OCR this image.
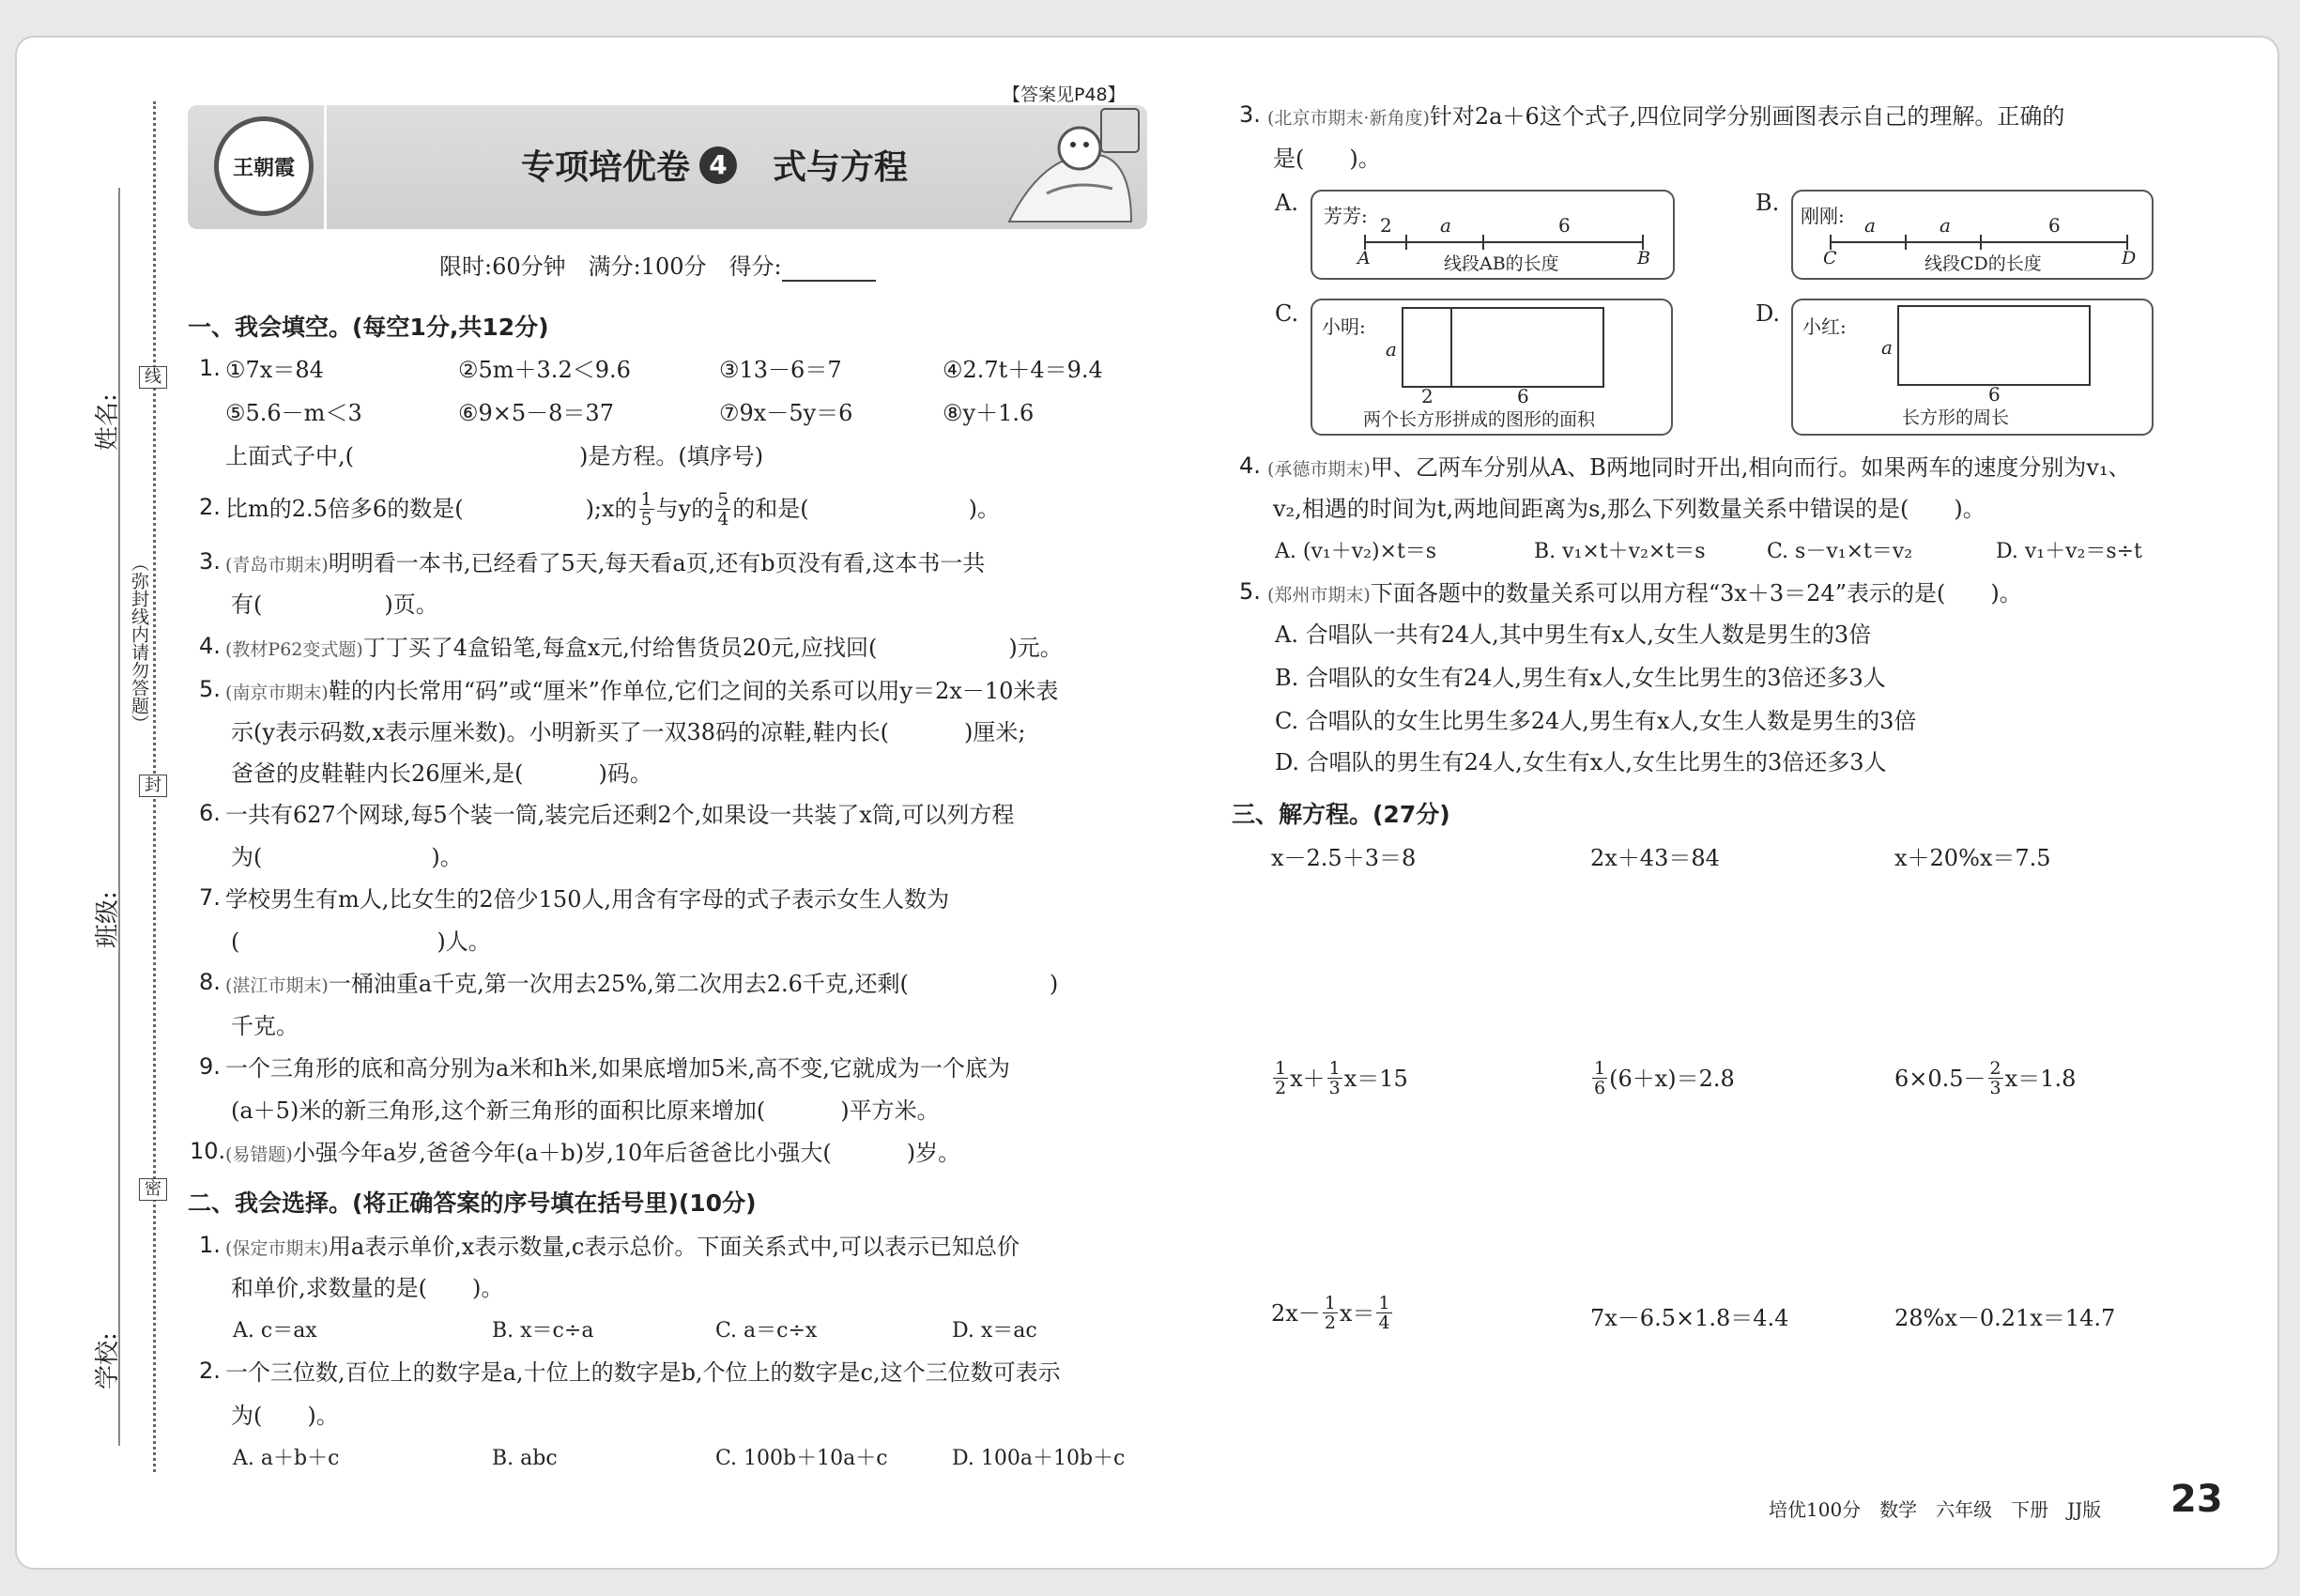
线
封
密
（弥封线内请勿答题）
姓名:
班级:
学校:
王朝霞
【答案见P48】
专项培优卷 4 式与方程
限时:60分钟　满分:100分　得分:
一、我会填空。(每空1分,共12分)
1. ①7x＝84	②5m＋3.2＜9.6	③13－6＝7	④2.7t＋4＝9.4
⑤5.6－m＜3	⑥9×5－8＝37	⑦9x－5y＝6	⑧y＋1.6
上面式子中,(	)是方程。(填序号)
2. 比m的2.5倍多6的数是(	);x的 $\frac{1}{5}$ 与y的 $\frac{5}{4}$ 的和是(	)。
3. (青岛市期末)明明看一本书,已经看了5天,每天看a页,还有b页没有看,这本书一共
有(	)页。
4. (教材P62变式题)丁丁买了4盒铅笔,每盒x元,付给售货员20元,应找回(	)元。
5. (南京市期末)鞋的内长常用“码”或“厘米”作单位,它们之间的关系可以用y＝2x－10米表
示(y表示码数,x表示厘米数)。小明新买了一双38码的凉鞋,鞋内长(	)厘米;
爸爸的皮鞋鞋内长26厘米,是(	)码。
6. 一共有627个网球,每5个装一筒,装完后还剩2个,如果设一共装了x筒,可以列方程
为(	)。
7. 学校男生有m人,比女生的2倍少150人,用含有字母的式子表示女生人数为
(	)人。
8. (湛江市期末)一桶油重a千克,第一次用去25%,第二次用去2.6千克,还剩(	)
千克。
9. 一个三角形的底和高分别为a米和h米,如果底增加5米,高不变,它就成为一个底为
(a＋5)米的新三角形,这个新三角形的面积比原来增加(	)平方米。
10. (易错题)小强今年a岁,爸爸今年(a＋b)岁,10年后爸爸比小强大(	)岁。
二、我会选择。(将正确答案的序号填在括号里)(10分)
1. (保定市期末)用a表示单价,x表示数量,c表示总价。下面关系式中,可以表示已知总价
和单价,求数量的是(　　)。
A. c＝ax	B. x＝c÷a	C. a＝c÷x	D. x＝ac
2. 一个三位数,百位上的数字是a,十位上的数字是b,个位上的数字是c,这个三位数可表示
为(　　)。
A. a＋b＋c	B. abc	C. 100b＋10a＋c	D. 100a＋10b＋c
3. (北京市期末·新角度)针对2a＋6这个式子,四位同学分别画图表示自己的理解。正确的
是(　　)。
A. 芳芳: 2	a	6
A	B
线段AB的长度
B. 刚刚: a	a	6
C	D
线段CD的长度
C. 小明:
a
2	6
两个长方形拼成的图形的面积
D. 小红:
a
6
长方形的周长
4. (承德市期末)甲、乙两车分别从A、B两地同时开出,相向而行。如果两车的速度分别为v₁、
v₂,相遇的时间为t,两地间距离为s,那么下列数量关系中错误的是(　　)。
A. (v₁＋v₂)×t＝s	B. v₁×t＋v₂×t＝s	C. s－v₁×t＝v₂	D. v₁＋v₂＝s÷t
5. (郑州市期末)下面各题中的数量关系可以用方程“3x＋3＝24”表示的是(　　)。
A. 合唱队一共有24人,其中男生有x人,女生人数是男生的3倍
B. 合唱队的女生有24人,男生有x人,女生比男生的3倍还多3人
C. 合唱队的女生比男生多24人,男生有x人,女生人数是男生的3倍
D. 合唱队的男生有24人,女生有x人,女生比男生的3倍还多3人
三、解方程。(27分)
x－2.5＋3＝8	2x＋43＝84	x＋20%x＝7.5
$\frac{1}{2} x+ \frac{1}{3} x=15$	$\frac{1}{6} (6+x)=2.8$	$6\times 0.5- \frac{2}{3} x=1.8$
$2x- \frac{1}{2} x= \frac{1}{4}$	7x－6.5×1.8＝4.4	28%x－0.21x＝14.7
培优100分　数学　六年级　下册　JJ版 23
